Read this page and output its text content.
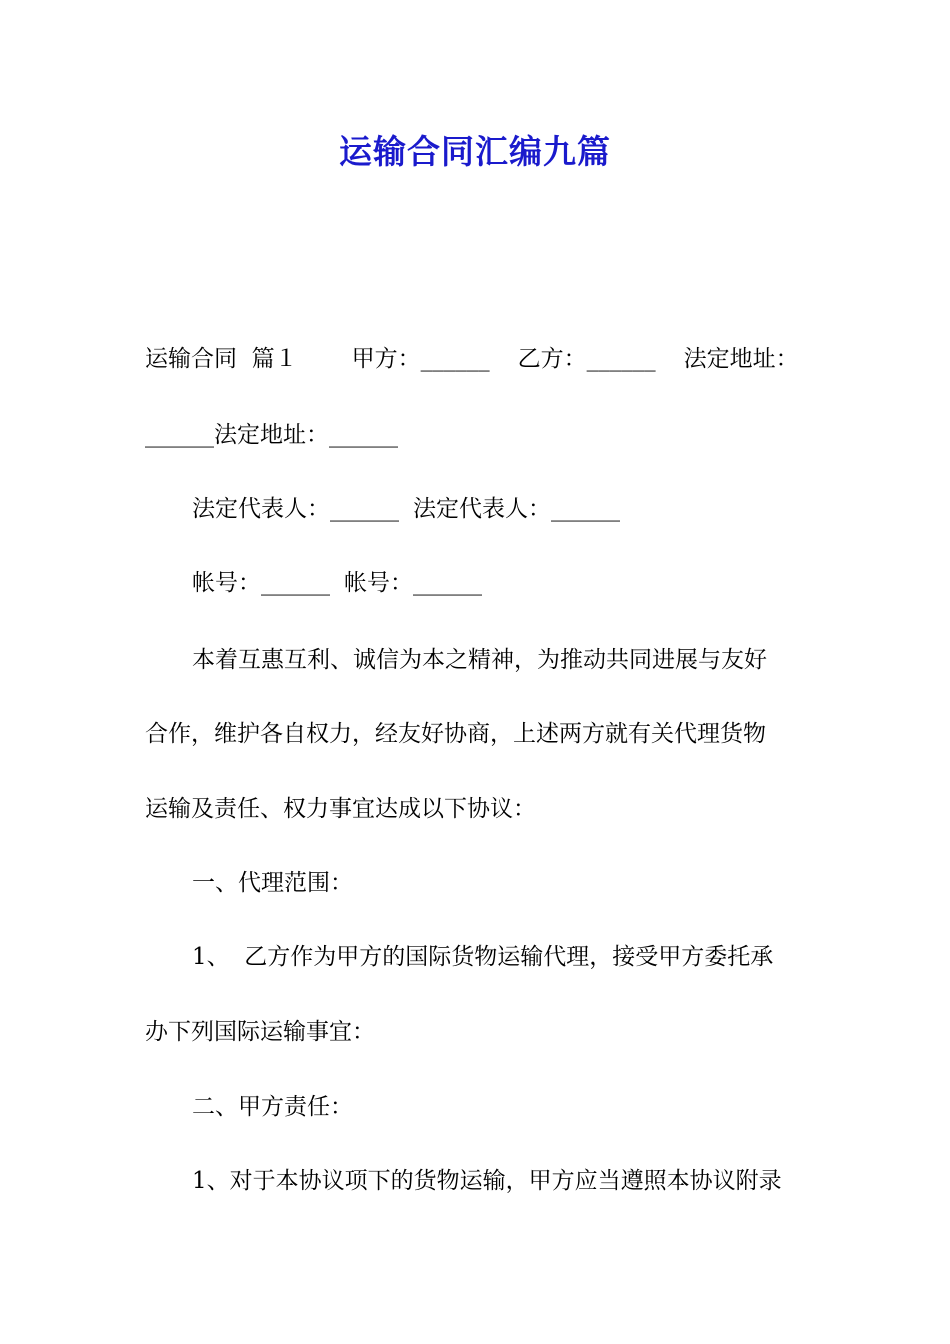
运输合同汇编九篇
运输合同  篇１ 甲方：______ 乙方：______ 法定地址：
______法定地址：______
法定代表人：______ 法定代表人：______
帐号：______ 帐号：______
本着互惠互利、诚信为本之精神，为推动共同进展与友好
合作，维护各自权力，经友好协商，上述两方就有关代理货物
运输及责任、权力事宜达成以下协议：
一、代理范围：
1、  乙方作为甲方的国际货物运输代理，接受甲方委托承
办下列国际运输事宜：
二、甲方责任：
1、对于本协议项下的货物运输，甲方应当遵照本协议附录
